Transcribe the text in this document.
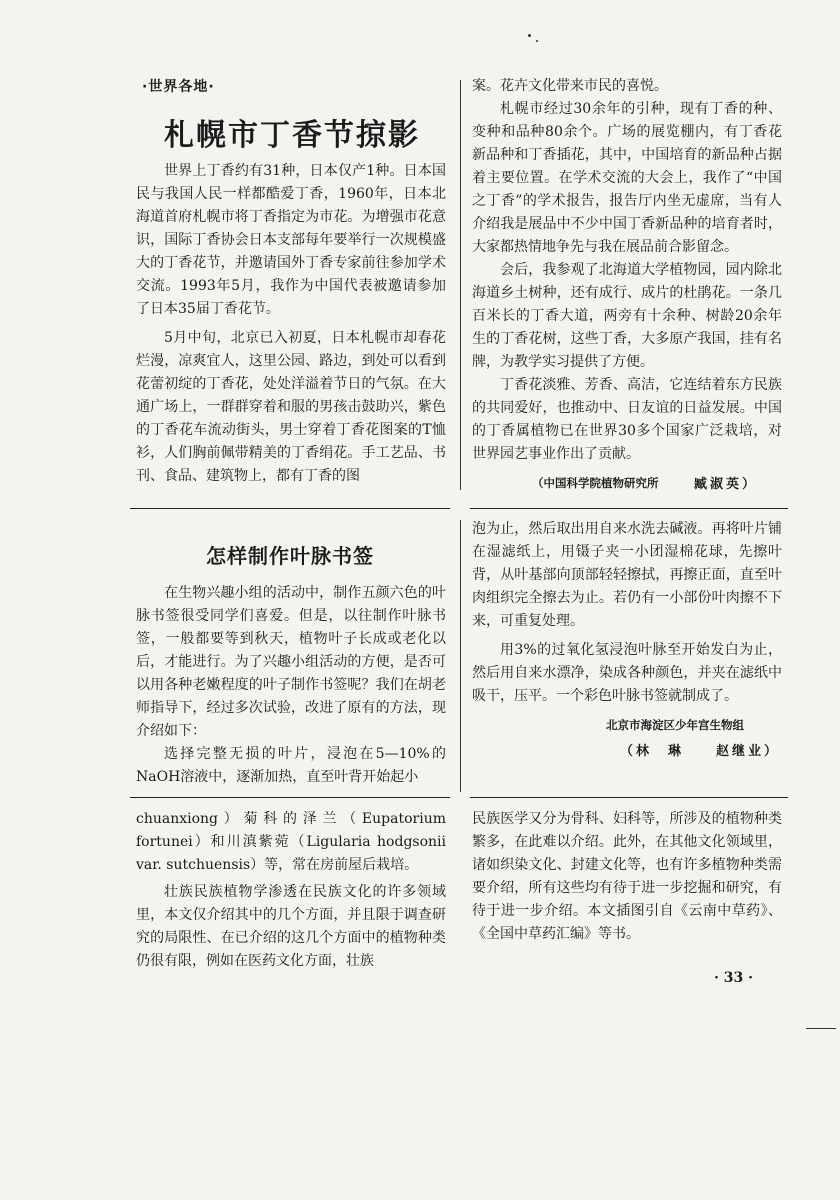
·世界各地·
札幌市丁香节掠影

世界上丁香约有31种，日本仅产1种。日本国民与我国人民一样都酷爱丁香，1960年，日本北海道首府札幌市将丁香指定为市花。为增强市花意识，国际丁香协会日本支部每年要举行一次规模盛大的丁香花节，并邀请国外丁香专家前往参加学术交流。1993年5月，我作为中国代表被邀请参加了日本35届丁香花节。

5月中旬，北京已入初夏，日本札幌市却春花烂漫，凉爽宜人，这里公园、路边，到处可以看到花蕾初绽的丁香花，处处洋溢着节日的气氛。在大通广场上，一群群穿着和服的男孩击鼓助兴，紫色的丁香花车流动街头，男士穿着丁香花图案的T恤衫，人们胸前佩带精美的丁香绢花。手工艺品、书刊、食品、建筑物上，都有丁香的图

案。花卉文化带来市民的喜悦。

札幌市经过30余年的引种，现有丁香的种、变种和品种80余个。广场的展览棚内，有丁香花新品种和丁香插花，其中，中国培育的新品种占据着主要位置。在学术交流的大会上，我作了“中国之丁香”的学术报告，报告厅内坐无虚席，当有人介绍我是展品中不少中国丁香新品种的培育者时，大家都热情地争先与我在展品前合影留念。

会后，我参观了北海道大学植物园，园内除北海道乡土树种，还有成行、成片的杜鹃花。一条几百米长的丁香大道，两旁有十余种、树龄20余年生的丁香花树，这些丁香，大多原产我国，挂有名牌，为教学实习提供了方便。

丁香花淡雅、芳香、高洁，它连结着东方民族的共同爱好，也推动中、日友谊的日益发展。中国的丁香属植物已在世界30多个国家广泛栽培，对世界园艺事业作出了贡献。

（中国科学院植物研究所	臧淑英）
怎样制作叶脉书签

在生物兴趣小组的活动中，制作五颜六色的叶脉书签很受同学们喜爱。但是，以往制作叶脉书签，一般都要等到秋天，植物叶子长成或老化以后，才能进行。为了兴趣小组活动的方便，是否可以用各种老嫩程度的叶子制作书签呢？我们在胡老师指导下，经过多次试验，改进了原有的方法，现介绍如下：

选择完整无损的叶片，浸泡在5—10%的NaOH溶液中，逐渐加热，直至叶背开始起小

泡为止，然后取出用自来水洗去碱液。再将叶片铺在湿滤纸上，用镊子夹一小团湿棉花球，先擦叶背，从叶基部向顶部轻轻擦拭，再擦正面，直至叶肉组织完全擦去为止。若仍有一小部份叶肉擦不下来，可重复处理。

用3%的过氧化氢浸泡叶脉至开始发白为止，然后用自来水漂净，染成各种颜色，并夹在滤纸中吸干，压平。一个彩色叶脉书签就制成了。

北京市海淀区少年宫生物组
（林　琳　　赵继业）

chuanxiong）菊科的泽兰（Eupatorium fortunei）和川滇紫菀（Ligularia hodgsonii var. sutchuensis）等，常在房前屋后栽培。

壮族民族植物学渗透在民族文化的许多领域里，本文仅介绍其中的几个方面，并且限于调查研究的局限性、在已介绍的这几个方面中的植物种类仍很有限，例如在医药文化方面，壮族

民族医学又分为骨科、妇科等，所涉及的植物种类繁多，在此难以介绍。此外，在其他文化领域里，诸如织染文化、封建文化等，也有许多植物种类需要介绍，所有这些均有待于进一步挖掘和研究，有待于进一步介绍。本文插图引自《云南中草药》、《全国中草药汇编》等书。

· 33 ·
